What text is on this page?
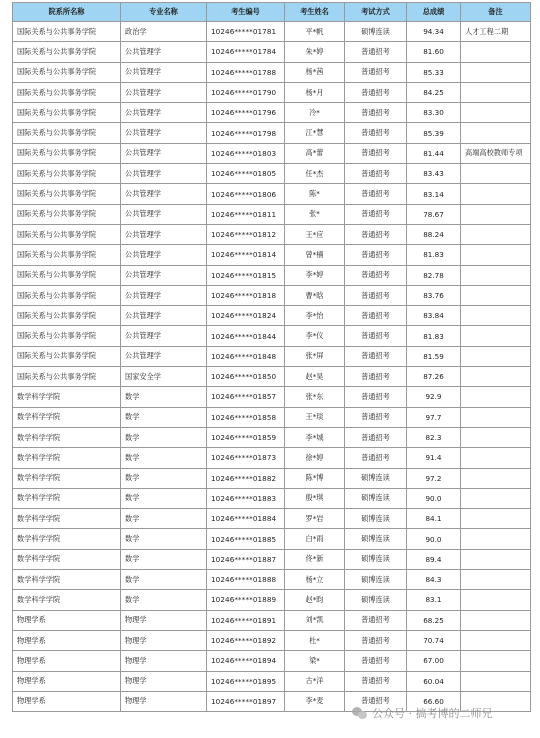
院系所名称	专业名称	考生编号	考生姓名	考试方式	总成绩	备注
国际关系与公共事务学院	政治学	10246*****01781	平*帆	硕博连读	94.34	人才工程二期
国际关系与公共事务学院	公共管理学	10246*****01784	朱*婷	普通招考	81.60	
国际关系与公共事务学院	公共管理学	10246*****01788	杨*茜	普通招考	85.33	
国际关系与公共事务学院	公共管理学	10246*****01790	杨*月	普通招考	84.25	
国际关系与公共事务学院	公共管理学	10246*****01796	冷*	普通招考	83.30	
国际关系与公共事务学院	公共管理学	10246*****01798	江*慧	普通招考	85.39	
国际关系与公共事务学院	公共管理学	10246*****01803	高*蕾	普通招考	81.44	高端高校教师专项
国际关系与公共事务学院	公共管理学	10246*****01805	任*杰	普通招考	83.43	
国际关系与公共事务学院	公共管理学	10246*****01806	陈*	普通招考	83.14	
国际关系与公共事务学院	公共管理学	10246*****01811	张*	普通招考	78.67	
国际关系与公共事务学院	公共管理学	10246*****01812	王*应	普通招考	88.24	
国际关系与公共事务学院	公共管理学	10246*****01814	曾*楠	普通招考	81.83	
国际关系与公共事务学院	公共管理学	10246*****01815	李*婷	普通招考	82.78	
国际关系与公共事务学院	公共管理学	10246*****01818	曹*晗	普通招考	83.76	
国际关系与公共事务学院	公共管理学	10246*****01824	李*怡	普通招考	83.84	
国际关系与公共事务学院	公共管理学	10246*****01844	李*仪	普通招考	81.83	
国际关系与公共事务学院	公共管理学	10246*****01848	张*屏	普通招考	81.59	
国际关系与公共事务学院	国家安全学	10246*****01850	赵*昊	普通招考	87.26	
数学科学学院	数学	10246*****01857	张*东	普通招考	92.9	
数学科学学院	数学	10246*****01858	王*琰	普通招考	97.7	
数学科学学院	数学	10246*****01859	李*城	普通招考	82.3	
数学科学学院	数学	10246*****01873	徐*婷	普通招考	91.4	
数学科学学院	数学	10246*****01882	陈*博	硕博连读	97.2	
数学科学学院	数学	10246*****01883	殷*琪	硕博连读	90.0	
数学科学学院	数学	10246*****01884	罗*岩	硕博连读	84.1	
数学科学学院	数学	10246*****01885	白*雨	硕博连读	90.0	
数学科学学院	数学	10246*****01887	佟*新	硕博连读	89.4	
数学科学学院	数学	10246*****01888	杨*立	硕博连读	84.3	
数学科学学院	数学	10246*****01889	赵*昀	硕博连读	83.1	
物理学系	物理学	10246*****01891	刘*凯	普通招考	68.25	
物理学系	物理学	10246*****01892	杜*	普通招考	70.74	
物理学系	物理学	10246*****01894	梁*	普通招考	67.00	
物理学系	物理学	10246*****01895	古*洋	普通招考	60.04	
物理学系	物理学	10246*****01897	李*麦	普通招考	66.60	
公众号 · 搞考博的二师兄
